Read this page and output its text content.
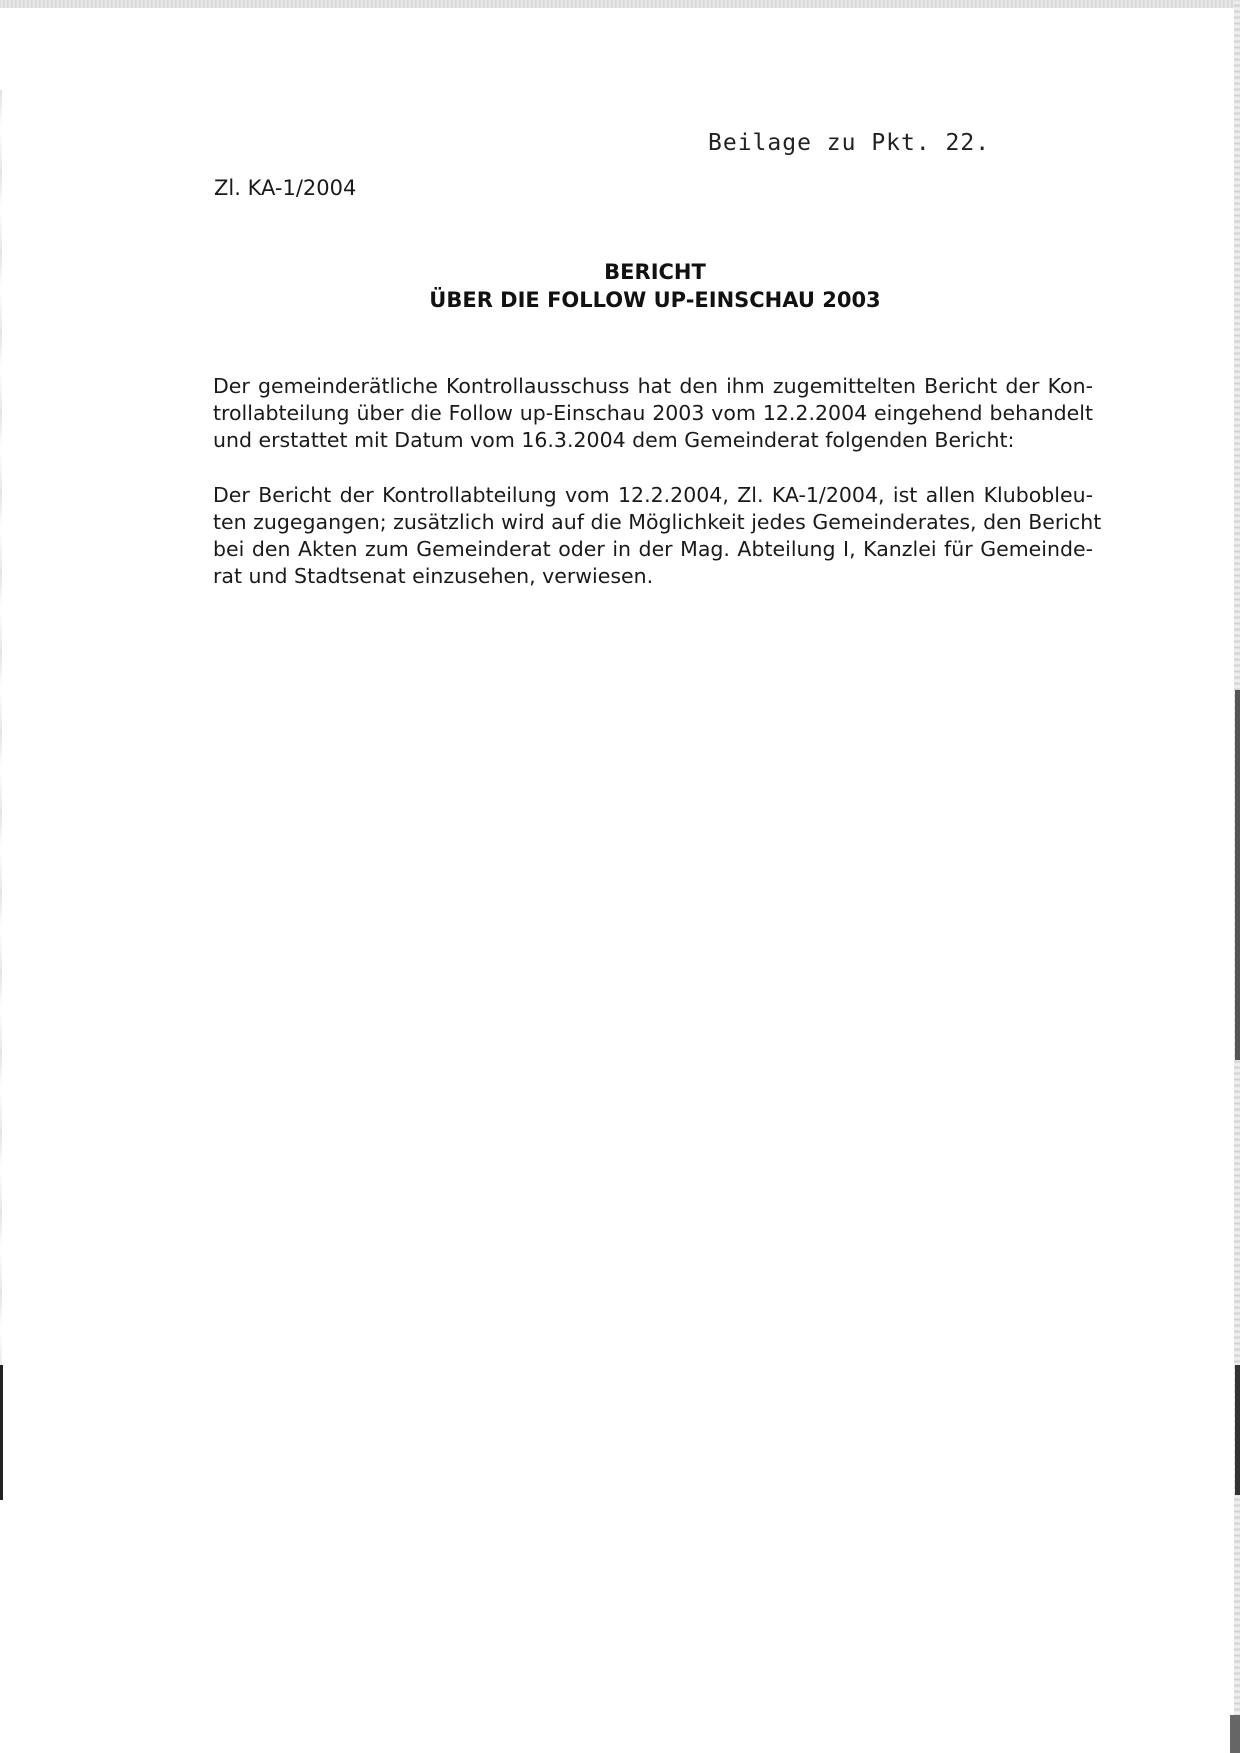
Beilage zu Pkt. 22.
Zl. KA-1/2004
BERICHT
ÜBER DIE FOLLOW UP-EINSCHAU 2003
Der gemeinderätliche Kontrollausschuss hat den ihm zugemittelten Bericht der Kon-
trollabteilung über die Follow up-Einschau 2003 vom 12.2.2004 eingehend behandelt
und erstattet mit Datum vom 16.3.2004 dem Gemeinderat folgenden Bericht:
Der Bericht der Kontrollabteilung vom 12.2.2004, Zl. KA-1/2004, ist allen Klubobleu-
ten zugegangen; zusätzlich wird auf die Möglichkeit jedes Gemeinderates, den Bericht
bei den Akten zum Gemeinderat oder in der Mag. Abteilung I, Kanzlei für Gemeinde-
rat und Stadtsenat einzusehen, verwiesen.
